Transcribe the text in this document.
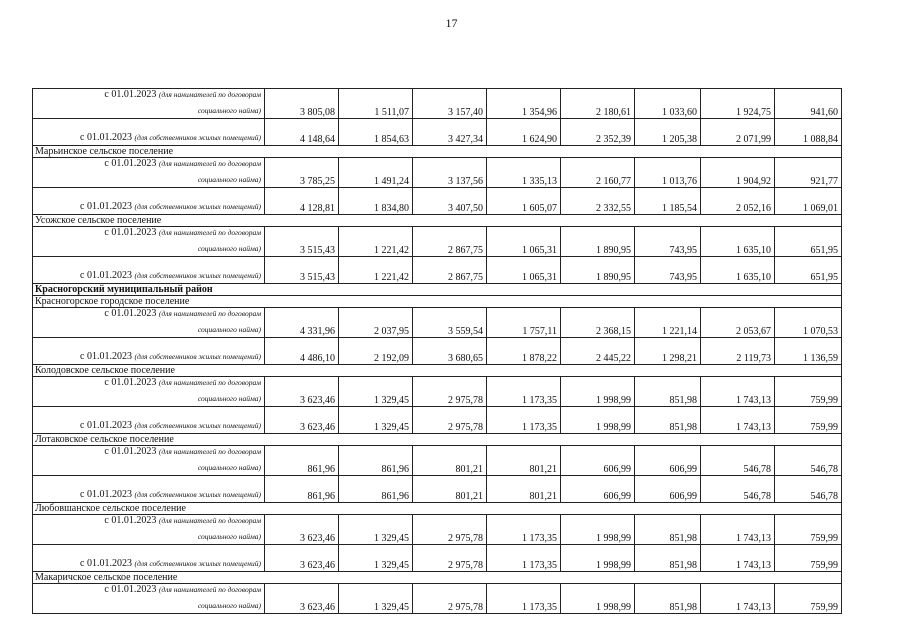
17
с 01.01.2023 (для нанимателей по договорам
социального найма)	3 805,08	1 511,07	3 157,40	1 354,96	2 180,61	1 033,60	1 924,75	941,60
с 01.01.2023 (для собственников жилых помещений)	4 148,64	1 854,63	3 427,34	1 624,90	2 352,39	1 205,38	2 071,99	1 088,84
Марьинское сельское поселение								

с 01.01.2023 (для нанимателей по договорам
социального найма)	3 785,25	1 491,24	3 137,56	1 335,13	2 160,77	1 013,76	1 904,92	921,77
с 01.01.2023 (для собственников жилых помещений)	4 128,81	1 834,80	3 407,50	1 605,07	2 332,55	1 185,54	2 052,16	1 069,01
Усожское сельское поселение								

с 01.01.2023 (для нанимателей по договорам
социального найма)	3 515,43	1 221,42	2 867,75	1 065,31	1 890,95	743,95	1 635,10	651,95
с 01.01.2023 (для собственников жилых помещений)	3 515,43	1 221,42	2 867,75	1 065,31	1 890,95	743,95	1 635,10	651,95
Красногорский муниципальный район								
Красногорское городское поселение								

с 01.01.2023 (для нанимателей по договорам
социального найма)	4 331,96	2 037,95	3 559,54	1 757,11	2 368,15	1 221,14	2 053,67	1 070,53
с 01.01.2023 (для собственников жилых помещений)	4 486,10	2 192,09	3 680,65	1 878,22	2 445,22	1 298,21	2 119,73	1 136,59
Колодовское сельское поселение								

с 01.01.2023 (для нанимателей по договорам
социального найма)	3 623,46	1 329,45	2 975,78	1 173,35	1 998,99	851,98	1 743,13	759,99
с 01.01.2023 (для собственников жилых помещений)	3 623,46	1 329,45	2 975,78	1 173,35	1 998,99	851,98	1 743,13	759,99
Лотаковское сельское поселение								

с 01.01.2023 (для нанимателей по договорам
социального найма)	861,96	861,96	801,21	801,21	606,99	606,99	546,78	546,78
с 01.01.2023 (для собственников жилых помещений)	861,96	861,96	801,21	801,21	606,99	606,99	546,78	546,78
Любовшанское сельское поселение								

с 01.01.2023 (для нанимателей по договорам
социального найма)	3 623,46	1 329,45	2 975,78	1 173,35	1 998,99	851,98	1 743,13	759,99
с 01.01.2023 (для собственников жилых помещений)	3 623,46	1 329,45	2 975,78	1 173,35	1 998,99	851,98	1 743,13	759,99
Макаричское сельское поселение								

с 01.01.2023 (для нанимателей по договорам
социального найма)	3 623,46	1 329,45	2 975,78	1 173,35	1 998,99	851,98	1 743,13	759,99
